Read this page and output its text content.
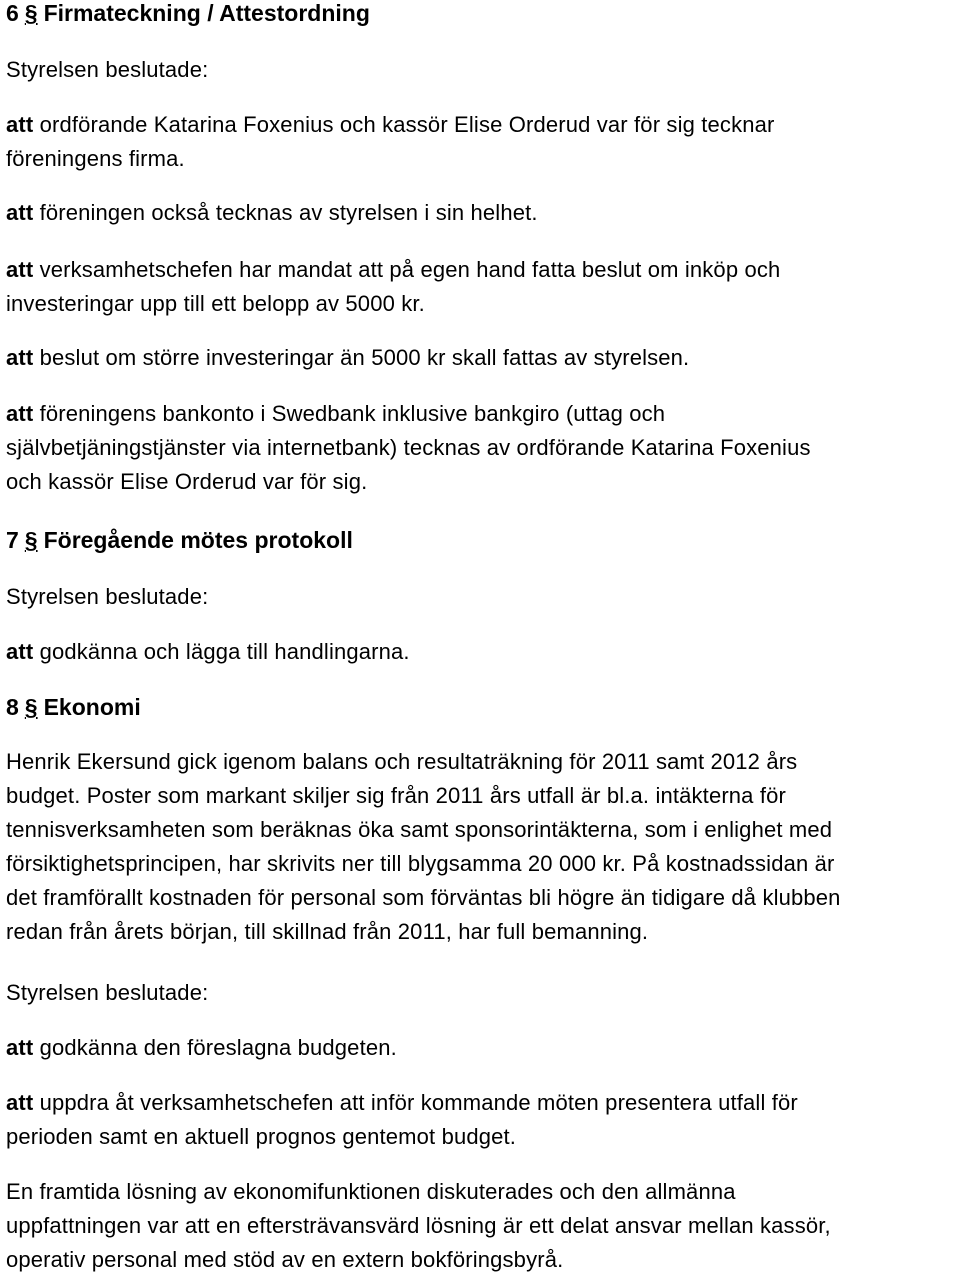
6 § Firmateckning / Attestordning
Styrelsen beslutade:
att ordförande Katarina Foxenius och kassör Elise Orderud var för sig tecknar
föreningens firma.
att föreningen också tecknas av styrelsen i sin helhet.
att verksamhetschefen har mandat att på egen hand fatta beslut om inköp och
investeringar upp till ett belopp av 5000 kr.
att beslut om större investeringar än 5000 kr skall fattas av styrelsen.
att föreningens bankonto i Swedbank inklusive bankgiro (uttag och
självbetjäningstjänster via internetbank) tecknas av ordförande Katarina Foxenius
och kassör Elise Orderud var för sig.
7 § Föregående mötes protokoll
Styrelsen beslutade:
att godkänna och lägga till handlingarna.
8 § Ekonomi
Henrik Ekersund gick igenom balans och resultaträkning för 2011 samt 2012 års
budget. Poster som markant skiljer sig från 2011 års utfall är bl.a. intäkterna för
tennisverksamheten som beräknas öka samt sponsorintäkterna, som i enlighet med
försiktighetsprincipen, har skrivits ner till blygsamma 20 000 kr. På kostnadssidan är
det framförallt kostnaden för personal som förväntas bli högre än tidigare då klubben
redan från årets början, till skillnad från 2011, har full bemanning.
Styrelsen beslutade:
att godkänna den föreslagna budgeten.
att uppdra åt verksamhetschefen att inför kommande möten presentera utfall för
perioden samt en aktuell prognos gentemot budget.
En framtida lösning av ekonomifunktionen diskuterades och den allmänna
uppfattningen var att en eftersträvansvärd lösning är ett delat ansvar mellan kassör,
operativ personal med stöd av en extern bokföringsbyrå.
